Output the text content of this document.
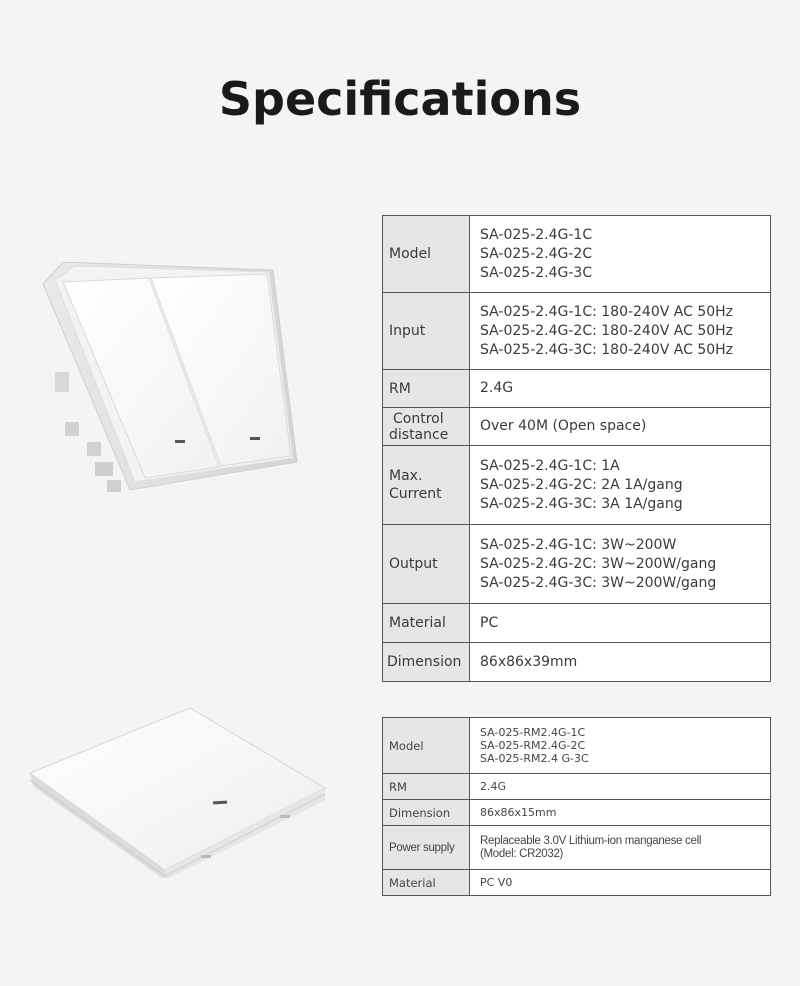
Specifications
Model	SA-025-2.4G-1C
SA-025-2.4G-2C
SA-025-2.4G-3C

Input	SA-025-2.4G-1C: 180-240V AC 50Hz
SA-025-2.4G-2C: 180-240V AC 50Hz
SA-025-2.4G-3C: 180-240V AC 50Hz

RM	2.4G

Control
distance	Over 40M (Open space)

Max.
Current	SA-025-2.4G-1C: 1A
SA-025-2.4G-2C: 2A 1A/gang
SA-025-2.4G-3C: 3A 1A/gang

Output	SA-025-2.4G-1C: 3W~200W
SA-025-2.4G-2C: 3W~200W/gang
SA-025-2.4G-3C: 3W~200W/gang

Material	PC

Dimension	86x86x39mm
Model	SA-025-RM2.4G-1C
SA-025-RM2.4G-2C
SA-025-RM2.4 G-3C

RM	2.4G

Dimension	86x86x15mm

Power supply	Replaceable 3.0V Lithium-ion manganese cell
(Model: CR2032)

Material	PC V0
